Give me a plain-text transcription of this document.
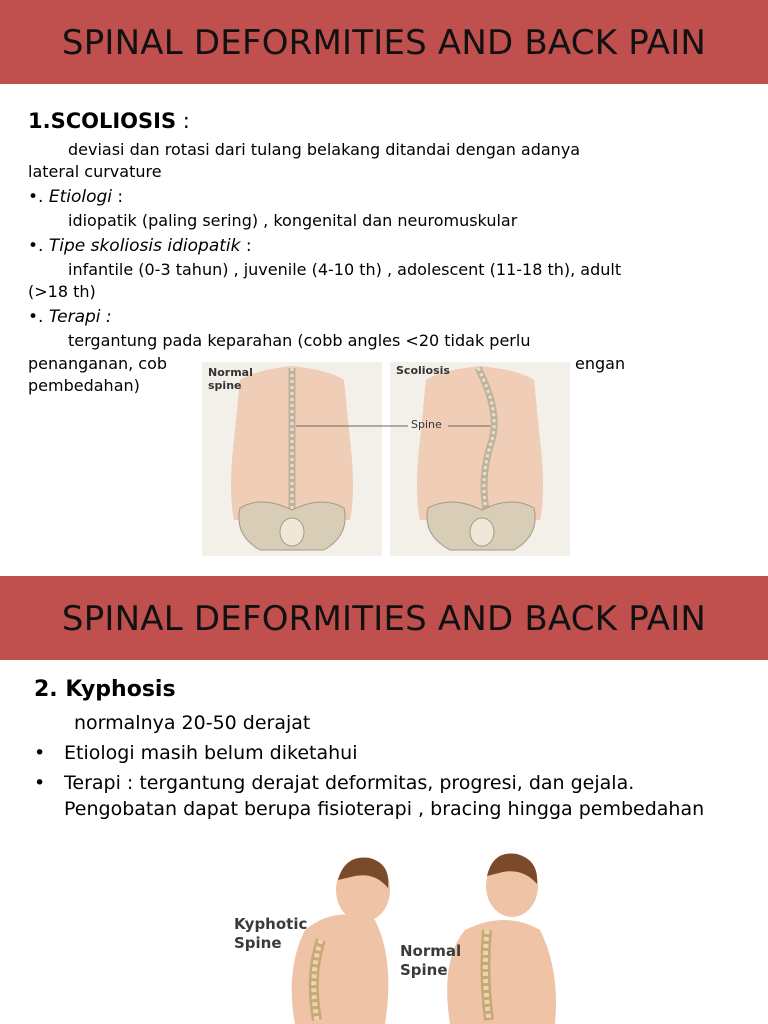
SPINAL DEFORMITIES AND BACK PAIN
1.SCOLIOSIS :
deviasi dan rotasi dari tulang belakang ditandai dengan adanya
lateral curvature
•. Etiologi :
idiopatik (paling sering) , kongenital dan neuromuskular
•. Tipe skoliosis idiopatik :
infantile (0-3 tahun) , juvenile (4-10 th) , adolescent (11-18 th), adult
(>18 th)
•. Terapi :
tergantung pada keparahan (cobb angles <20 tidak perlu
penanganan, cob	engan
pembedahan)
Normal
spine
Scoliosis
Spine
SPINAL DEFORMITIES AND BACK PAIN
2. Kyphosis
normalnya 20-50 derajat
• Etiologi masih belum diketahui
• Terapi : tergantung derajat deformitas, progresi, dan gejala. Pengobatan dapat berupa fisioterapi , bracing hingga pembedahan
Kyphotic
Spine	Normal
Spine
